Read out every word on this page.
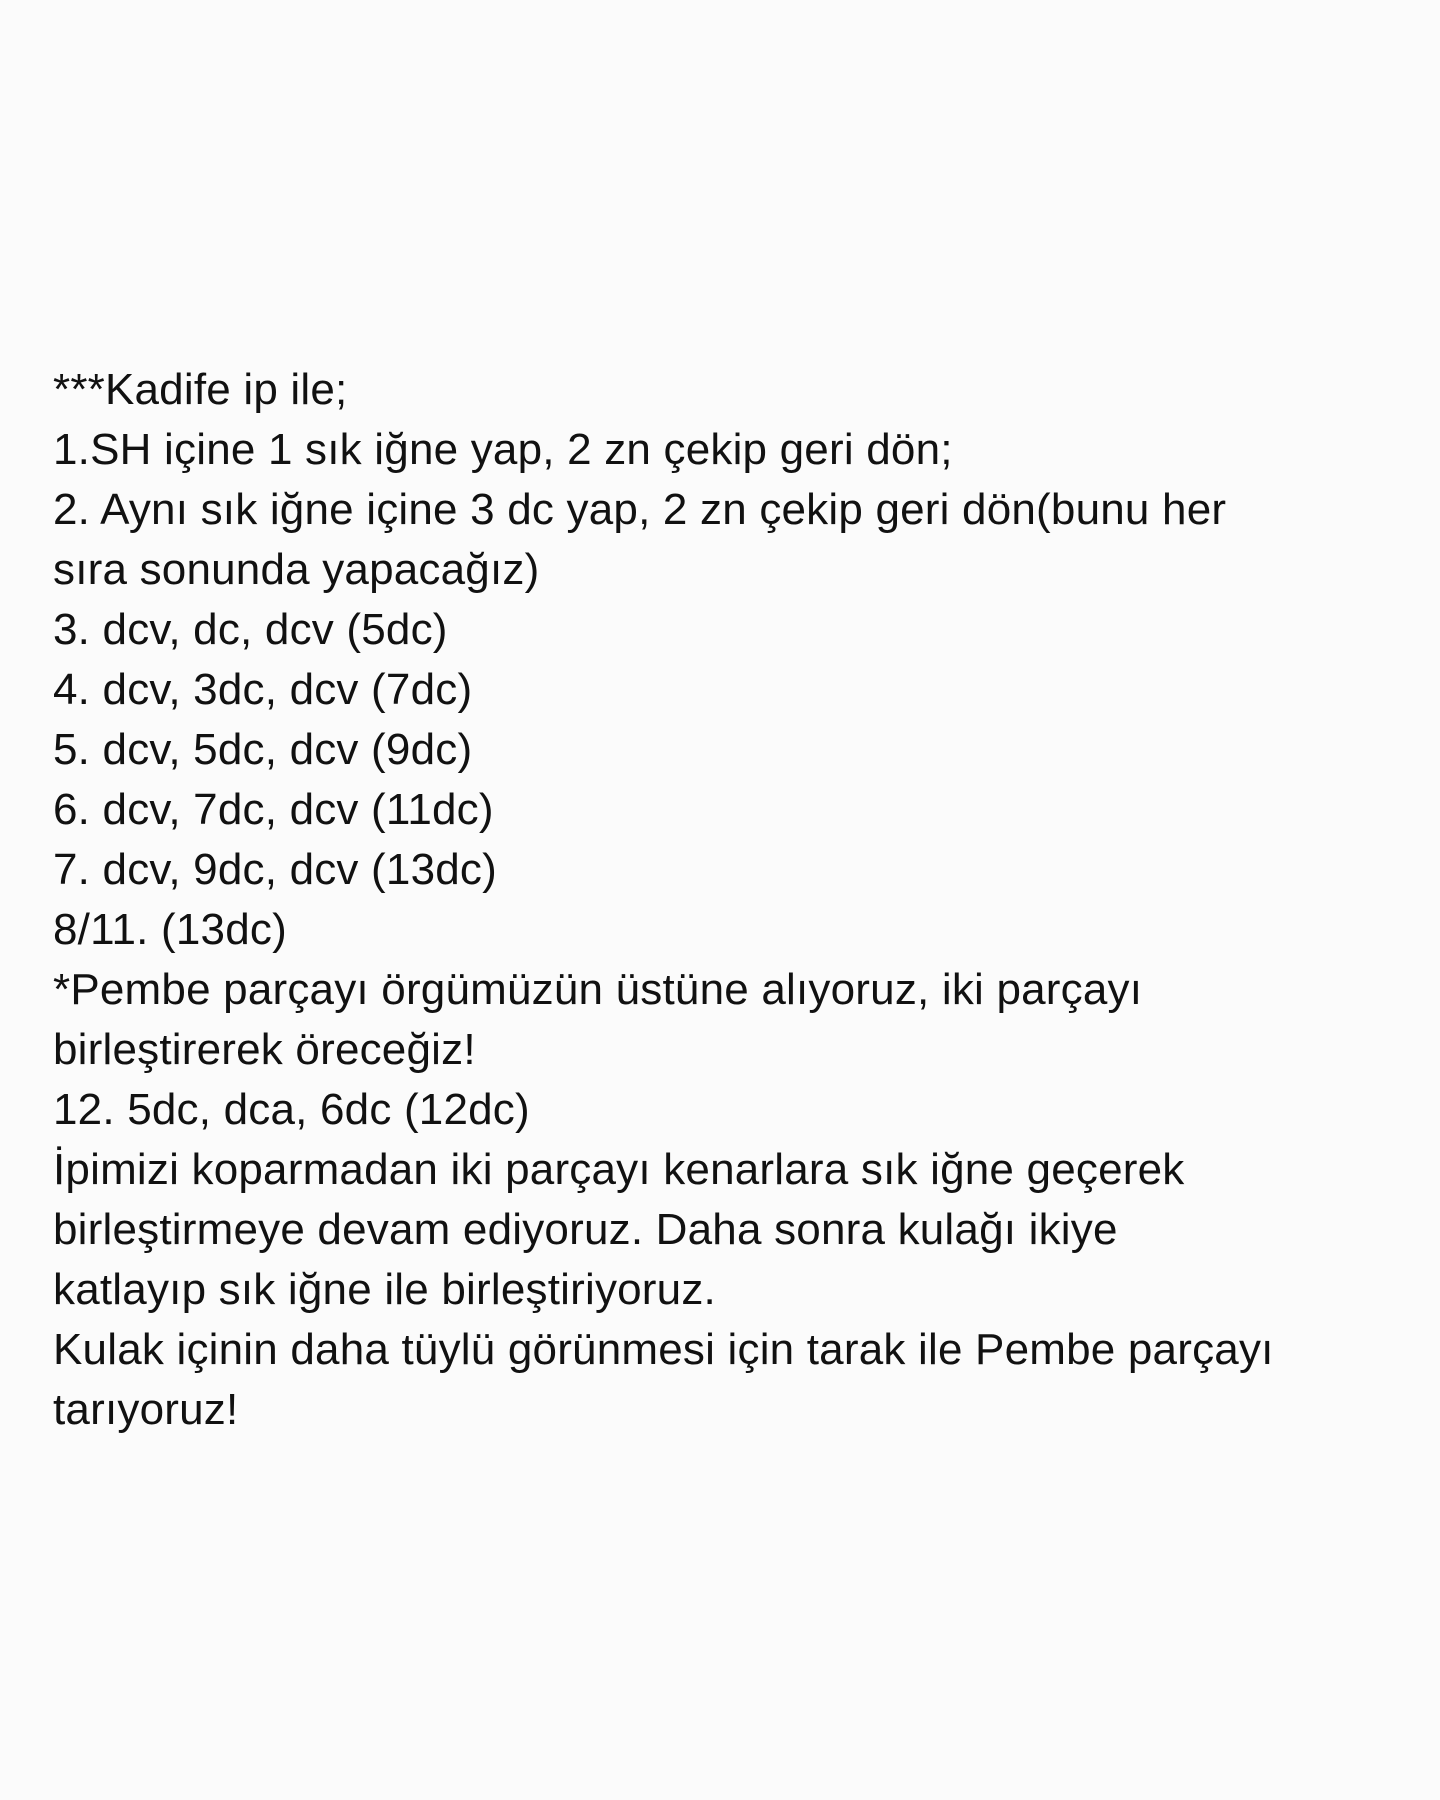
***Kadife ip ile;
1.SH içine 1 sık iğne yap, 2 zn çekip geri dön;
2. Aynı sık iğne içine 3 dc yap, 2 zn çekip geri dön(bunu her
sıra sonunda yapacağız)
3. dcv, dc, dcv (5dc)
4. dcv, 3dc, dcv (7dc)
5. dcv, 5dc, dcv (9dc)
6. dcv, 7dc, dcv (11dc)
7. dcv, 9dc, dcv (13dc)
8/11. (13dc)
*Pembe parçayı örgümüzün üstüne alıyoruz, iki parçayı
birleştirerek öreceğiz!
12. 5dc, dca, 6dc (12dc)
İpimizi koparmadan iki parçayı kenarlara sık iğne geçerek
birleştirmeye devam ediyoruz. Daha sonra kulağı ikiye
katlayıp sık iğne ile birleştiriyoruz.
Kulak içinin daha tüylü görünmesi için tarak ile Pembe parçayı
tarıyoruz!
